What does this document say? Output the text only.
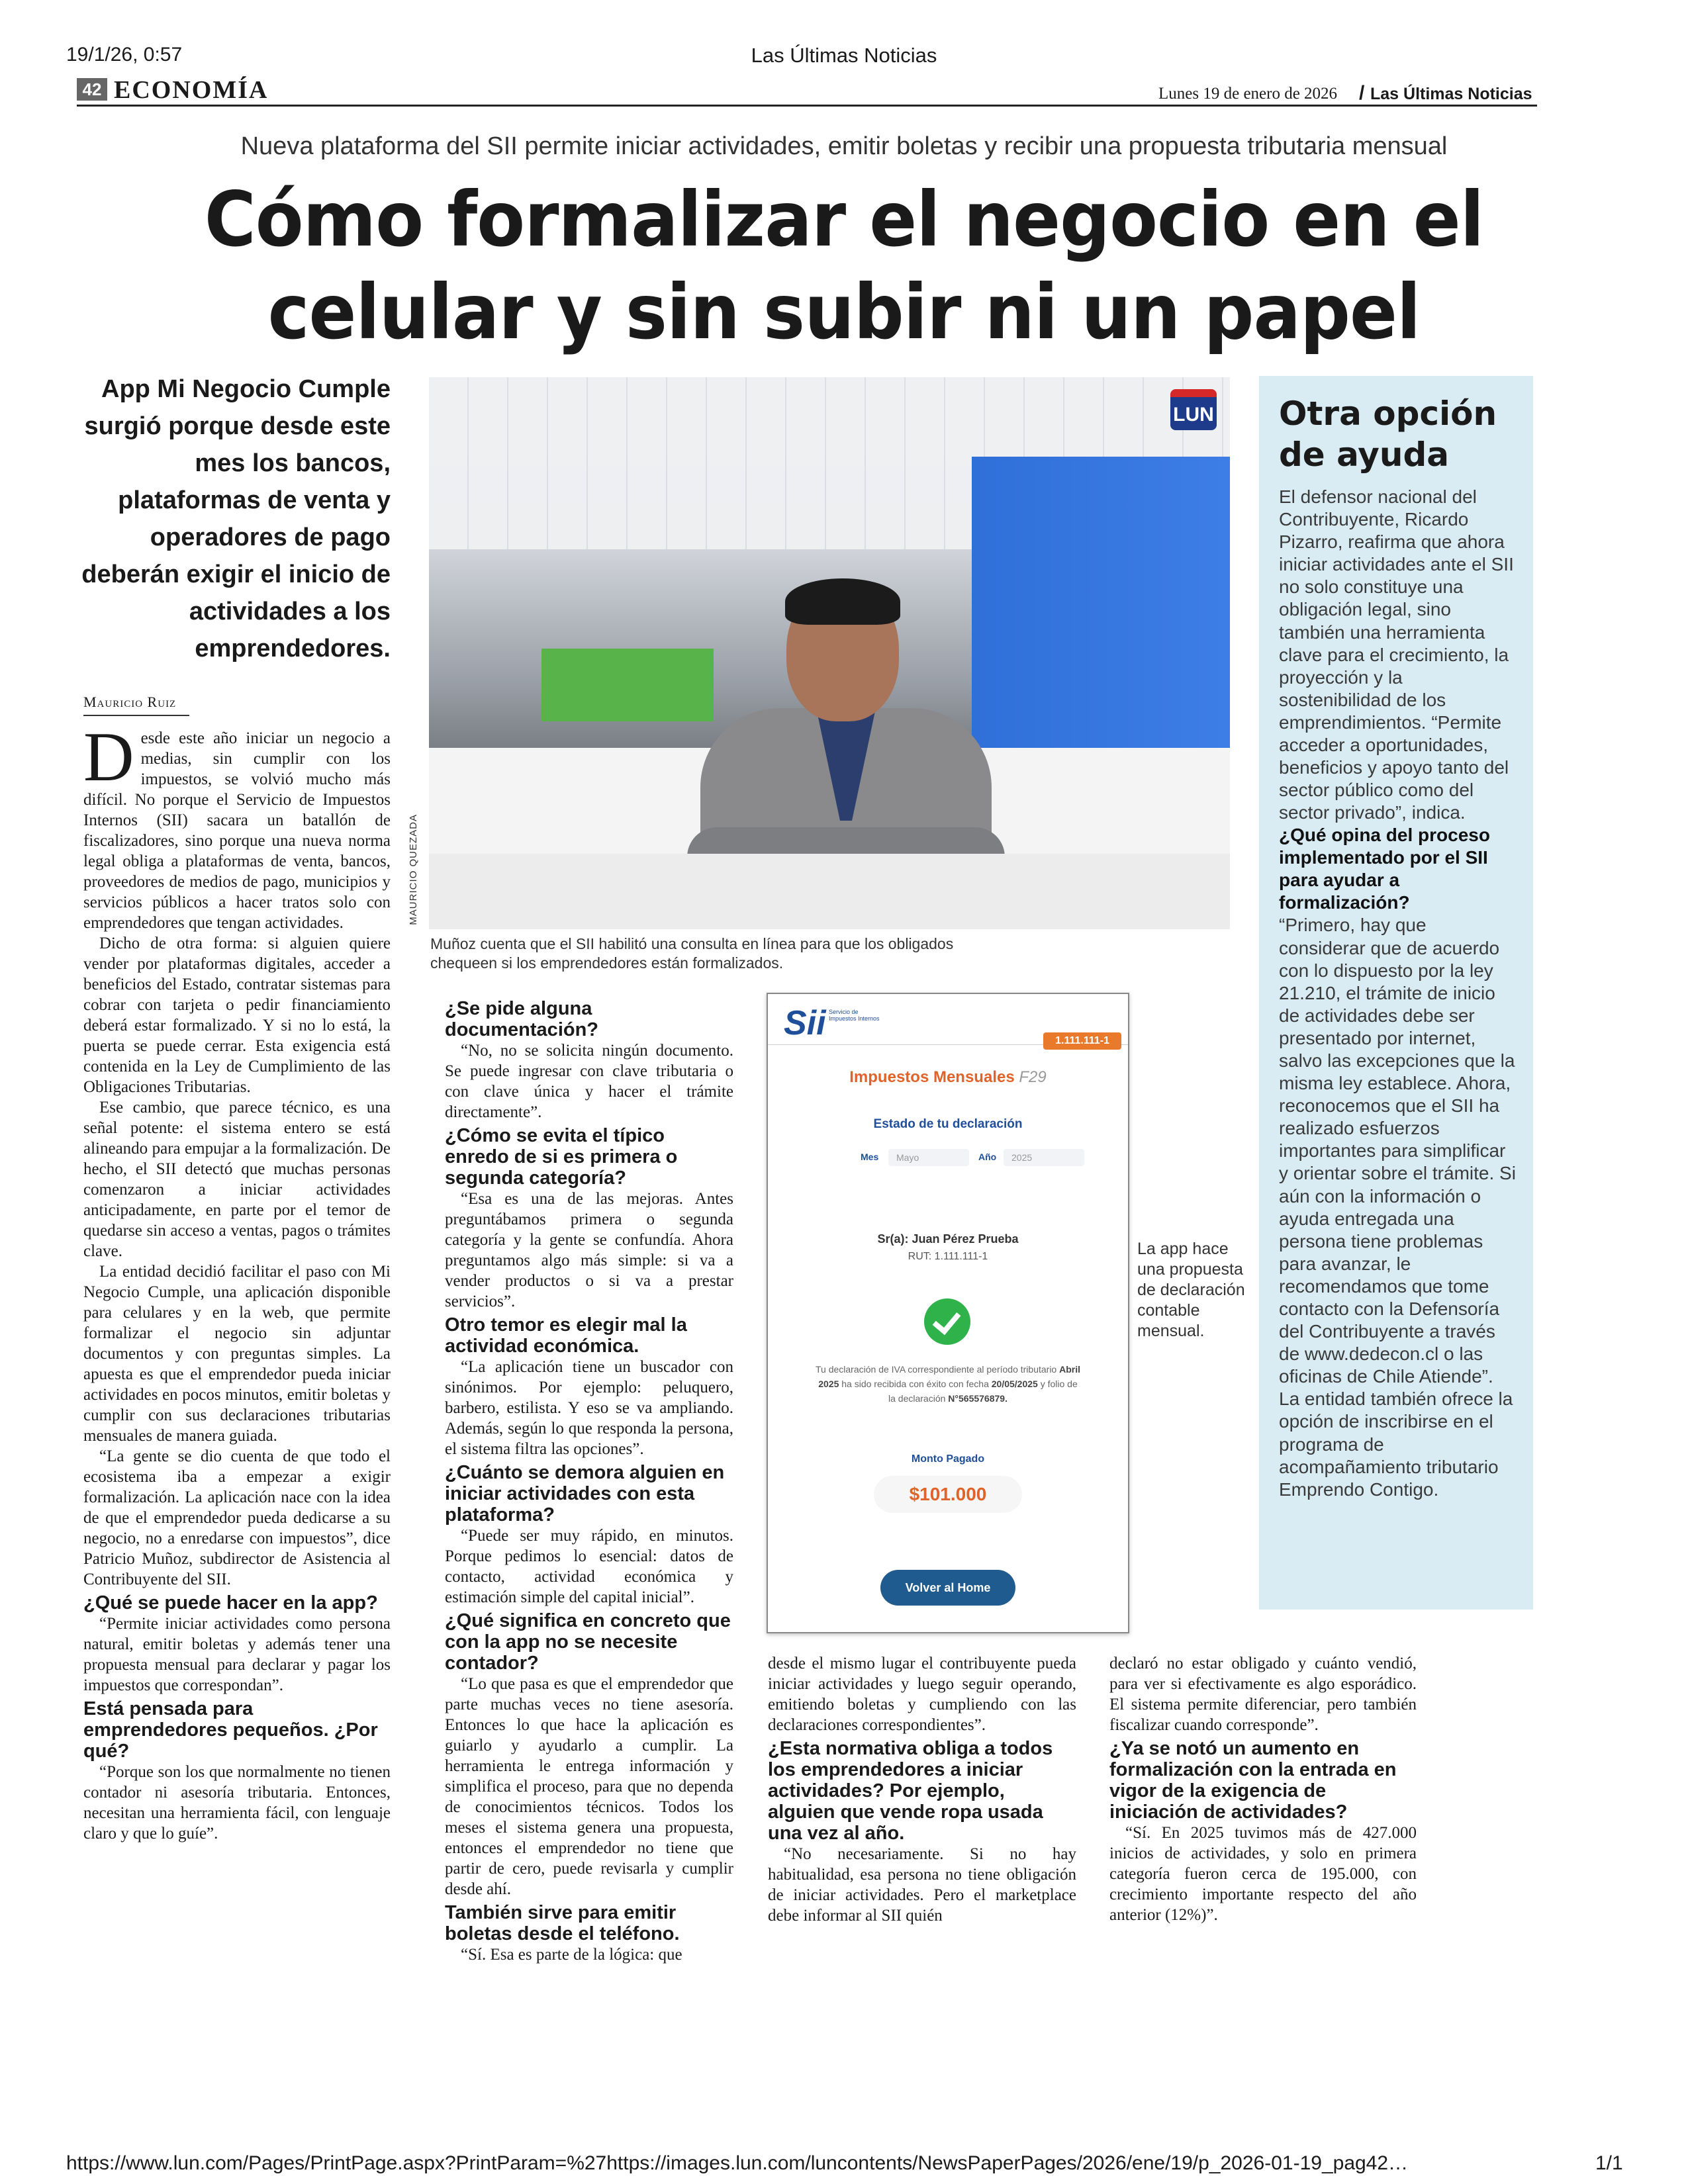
19/1/26, 0:57	Las Últimas Noticias
https://www.lun.com/Pages/PrintPage.aspx?PrintParam=%27https://images.lun.com/luncontents/NewsPaperPages/2026/ene/19/p_2026-01-19_pag42…	1/1
42 ECONOMÍA	Lunes 19 de enero de 2026 / Las Últimas Noticias
Nueva plataforma del SII permite iniciar actividades, emitir boletas y recibir una propuesta tributaria mensual
Cómo formalizar el negocio en el celular y sin subir ni un papel
App Mi Negocio Cumple surgió porque desde este mes los bancos, plataformas de venta y operadores de pago deberán exigir el inicio de actividades a los emprendedores.
Mauricio Ruiz

Desde este año iniciar un negocio a medias, sin cumplir con los impuestos, se volvió mucho más difícil. No porque el Servicio de Impuestos Internos (SII) sacara un batallón de fiscalizadores, sino porque una nueva norma legal obliga a plataformas de venta, bancos, proveedores de medios de pago, municipios y servicios públicos a hacer tratos solo con emprendedores que tengan actividades.

Dicho de otra forma: si alguien quiere vender por plataformas digitales, acceder a beneficios del Estado, contratar sistemas para cobrar con tarjeta o pedir financiamiento deberá estar formalizado. Y si no lo está, la puerta se puede cerrar. Esta exigencia está contenida en la Ley de Cumplimiento de las Obligaciones Tributarias.

Ese cambio, que parece técnico, es una señal potente: el sistema entero se está alineando para empujar a la formalización. De hecho, el SII detectó que muchas personas comenzaron a iniciar actividades anticipadamente, en parte por el temor de quedarse sin acceso a ventas, pagos o trámites clave.

La entidad decidió facilitar el paso con Mi Negocio Cumple, una aplicación disponible para celulares y en la web, que permite formalizar el negocio sin adjuntar documentos y con preguntas simples. La apuesta es que el emprendedor pueda iniciar actividades en pocos minutos, emitir boletas y cumplir con sus declaraciones tributarias mensuales de manera guiada.

“La gente se dio cuenta de que todo el ecosistema iba a empezar a exigir formalización. La aplicación nace con la idea de que el emprendedor pueda dedicarse a su negocio, no a enredarse con impuestos”, dice Patricio Muñoz, subdirector de Asistencia al Contribuyente del SII.

¿Qué se puede hacer en la app?

“Permite iniciar actividades como persona natural, emitir boletas y además tener una propuesta mensual para declarar y pagar los impuestos que correspondan”.

Está pensada para emprendedores pequeños. ¿Por qué?

“Porque son los que normalmente no tienen contador ni asesoría tributaria. Entonces, necesitan una herramienta fácil, con lenguaje claro y que lo guíe”.

LUN
MAURICIO QUEZADA
Muñoz cuenta que el SII habilitó una consulta en línea para que los obligados chequeen si los emprendedores están formalizados.
¿Se pide alguna documentación?

“No, no se solicita ningún documento. Se puede ingresar con clave tributaria o con clave única y hacer el trámite directamente”.

¿Cómo se evita el típico enredo de si es primera o segunda categoría?

“Esa es una de las mejoras. Antes preguntábamos primera o segunda categoría y la gente se confundía. Ahora preguntamos algo más simple: si va a vender productos o si va a prestar servicios”.

Otro temor es elegir mal la actividad económica.

“La aplicación tiene un buscador con sinónimos. Por ejemplo: peluquero, barbero, estilista. Y eso se va ampliando. Además, según lo que responda la persona, el sistema filtra las opciones”.

¿Cuánto se demora alguien en iniciar actividades con esta plataforma?

“Puede ser muy rápido, en minutos. Porque pedimos lo esencial: datos de contacto, actividad económica y estimación simple del capital inicial”.

¿Qué significa en concreto que con la app no se necesite contador?

“Lo que pasa es que el emprendedor que parte muchas veces no tiene asesoría. Entonces lo que hace la aplicación es guiarlo y ayudarlo a cumplir. La herramienta le entrega información y simplifica el proceso, para que no dependa de conocimientos técnicos. Todos los meses el sistema genera una propuesta, entonces el emprendedor no tiene que partir de cero, puede revisarla y cumplir desde ahí.

También sirve para emitir boletas desde el teléfono.

“Sí. Esa es parte de la lógica: que

Sii Servicio de Impuestos Internos
1.111.111-1
Impuestos Mensuales F29
Estado de tu declaración
Mes	Mayo	Año	2025
Sr(a): Juan Pérez Prueba
RUT: 1.111.111-1
Tu declaración de IVA correspondiente al período tributario Abril 2025 ha sido recibida con éxito con fecha 20/05/2025 y folio de la declaración N°565576879.
Monto Pagado
$101.000
Volver al Home
La app hace una propuesta de declaración contable mensual.

desde el mismo lugar el contribuyente pueda iniciar actividades y luego seguir operando, emitiendo boletas y cumpliendo con las declaraciones correspondientes”.

¿Esta normativa obliga a todos los emprendedores a iniciar actividades? Por ejemplo, alguien que vende ropa usada una vez al año.

“No necesariamente. Si no hay habitualidad, esa persona no tiene obligación de iniciar actividades. Pero el marketplace debe informar al SII quién

declaró no estar obligado y cuánto vendió, para ver si efectivamente es algo esporádico. El sistema permite diferenciar, pero también fiscalizar cuando corresponde”.

¿Ya se notó un aumento en formalización con la entrada en vigor de la exigencia de iniciación de actividades?

“Sí. En 2025 tuvimos más de 427.000 inicios de actividades, y solo en primera categoría fueron cerca de 195.000, con crecimiento importante respecto del año anterior (12%)”.

Otra opción de ayuda

El defensor nacional del Contribuyente, Ricardo Pizarro, reafirma que ahora iniciar actividades ante el SII no solo constituye una obligación legal, sino también una herramienta clave para el crecimiento, la proyección y la sostenibilidad de los emprendimientos. “Permite acceder a oportunidades, beneficios y apoyo tanto del sector público como del sector privado”, indica.

¿Qué opina del proceso implementado por el SII para ayudar a formalización?

“Primero, hay que considerar que de acuerdo con lo dispuesto por la ley 21.210, el trámite de inicio de actividades debe ser presentado por internet, salvo las excepciones que la misma ley establece. Ahora, reconocemos que el SII ha realizado esfuerzos importantes para simplificar y orientar sobre el trámite. Si aún con la información o ayuda entregada una persona tiene problemas para avanzar, le recomendamos que tome contacto con la Defensoría del Contribuyente a través de www.dedecon.cl o las oficinas de Chile Atiende”. La entidad también ofrece la opción de inscribirse en el programa de acompañamiento tributario Emprendo Contigo.
